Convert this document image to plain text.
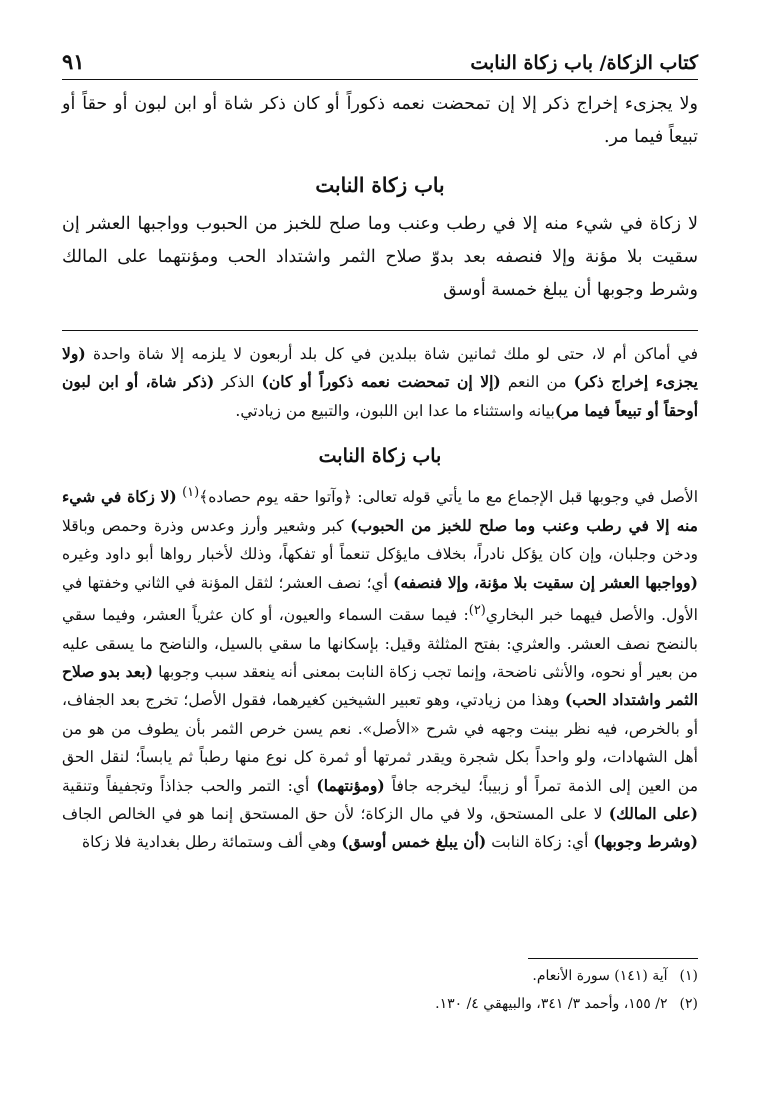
كتاب الزكاة/ باب زكاة النابت
٩١

ولا يجزىء إخراج ذكر إلا إن تمحضت نعمه ذكوراً أو كان ذكر شاة أو ابن لبون أو حقاً أو تبيعاً فيما مر.

باب زكاة النابت

لا زكاة في شيء منه إلا في رطب وعنب وما صلح للخبز من الحبوب وواجبها العشر إن سقيت بلا مؤنة وإلا فنصفه بعد بدوّ صلاح الثمر واشتداد الحب ومؤنتهما على المالك وشرط وجوبها أن يبلغ خمسة أوسق

في أماكن أم لا، حتى لو ملك ثمانين شاة ببلدين في كل بلد أربعون لا يلزمه إلا شاة واحدة (ولا يجزىء إخراج ذكر) من النعم (إلا إن تمحضت نعمه ذكوراً أو كان) الذكر (ذكر شاة، أو ابن لبون أوحقاً أو تبيعاً فيما مر)بيانه واستثناء ما عدا ابن اللبون، والتبيع من زيادتي.

باب زكاة النابت

الأصل في وجوبها قبل الإجماع مع ما يأتي قوله تعالى: ﴿وآتوا حقه يوم حصاده﴾$^{(١)}$ (لا زكاة في شيء منه إلا في رطب وعنب وما صلح للخبز من الحبوب) كبر وشعير وأرز وعدس وذرة وحمص وباقلا ودخن وجلبان، وإن كان يؤكل نادراً، بخلاف مايؤكل تنعماً أو تفكهاً، وذلك لأخبار رواها أبو داود وغيره (وواجبها العشر إن سقيت بلا مؤنة، وإلا فنصفه) أي؛ نصف العشر؛ لثقل المؤنة في الثاني وخفتها في الأول. والأصل فيهما خبر البخاري$^{(٢)}$: فيما سقت السماء والعيون، أو كان عثرياً العشر، وفيما سقي بالنضح نصف العشر. والعثري: بفتح المثلثة وقيل: بإسكانها ما سقي بالسيل، والناضح ما يسقى عليه من بعير أو نحوه، والأنثى ناضحة، وإنما تجب زكاة النابت بمعنى أنه ينعقد سبب وجوبها (بعد بدو صلاح الثمر واشتداد الحب) وهذا من زيادتي، وهو تعبير الشيخين كغيرهما، فقول الأصل؛ تخرج بعد الجفاف، أو بالخرص، فيه نظر بينت وجهه في شرح «الأصل». نعم يسن خرص الثمر بأن يطوف من هو من أهل الشهادات، ولو واحداً بكل شجرة ويقدر ثمرتها أو ثمرة كل نوع منها رطباً ثم يابساً؛ لنقل الحق من العين إلى الذمة تمراً أو زبيباً؛ ليخرجه جافاً (ومؤنتهما) أي: التمر والحب جذاذاً وتجفيفاً وتنقية (على المالك) لا على المستحق، ولا في مال الزكاة؛ لأن حق المستحق إنما هو في الخالص الجاف (وشرط وجوبها) أي: زكاة النابت (أن يبلغ خمس أوسق) وهي ألف وستمائة رطل بغدادية فلا زكاة

(١)آية (١٤١) سورة الأنعام.

(٢)٢/ ١٥٥، وأحمد ٣/ ٣٤١، والبيهقي ٤/ ١٣٠.
